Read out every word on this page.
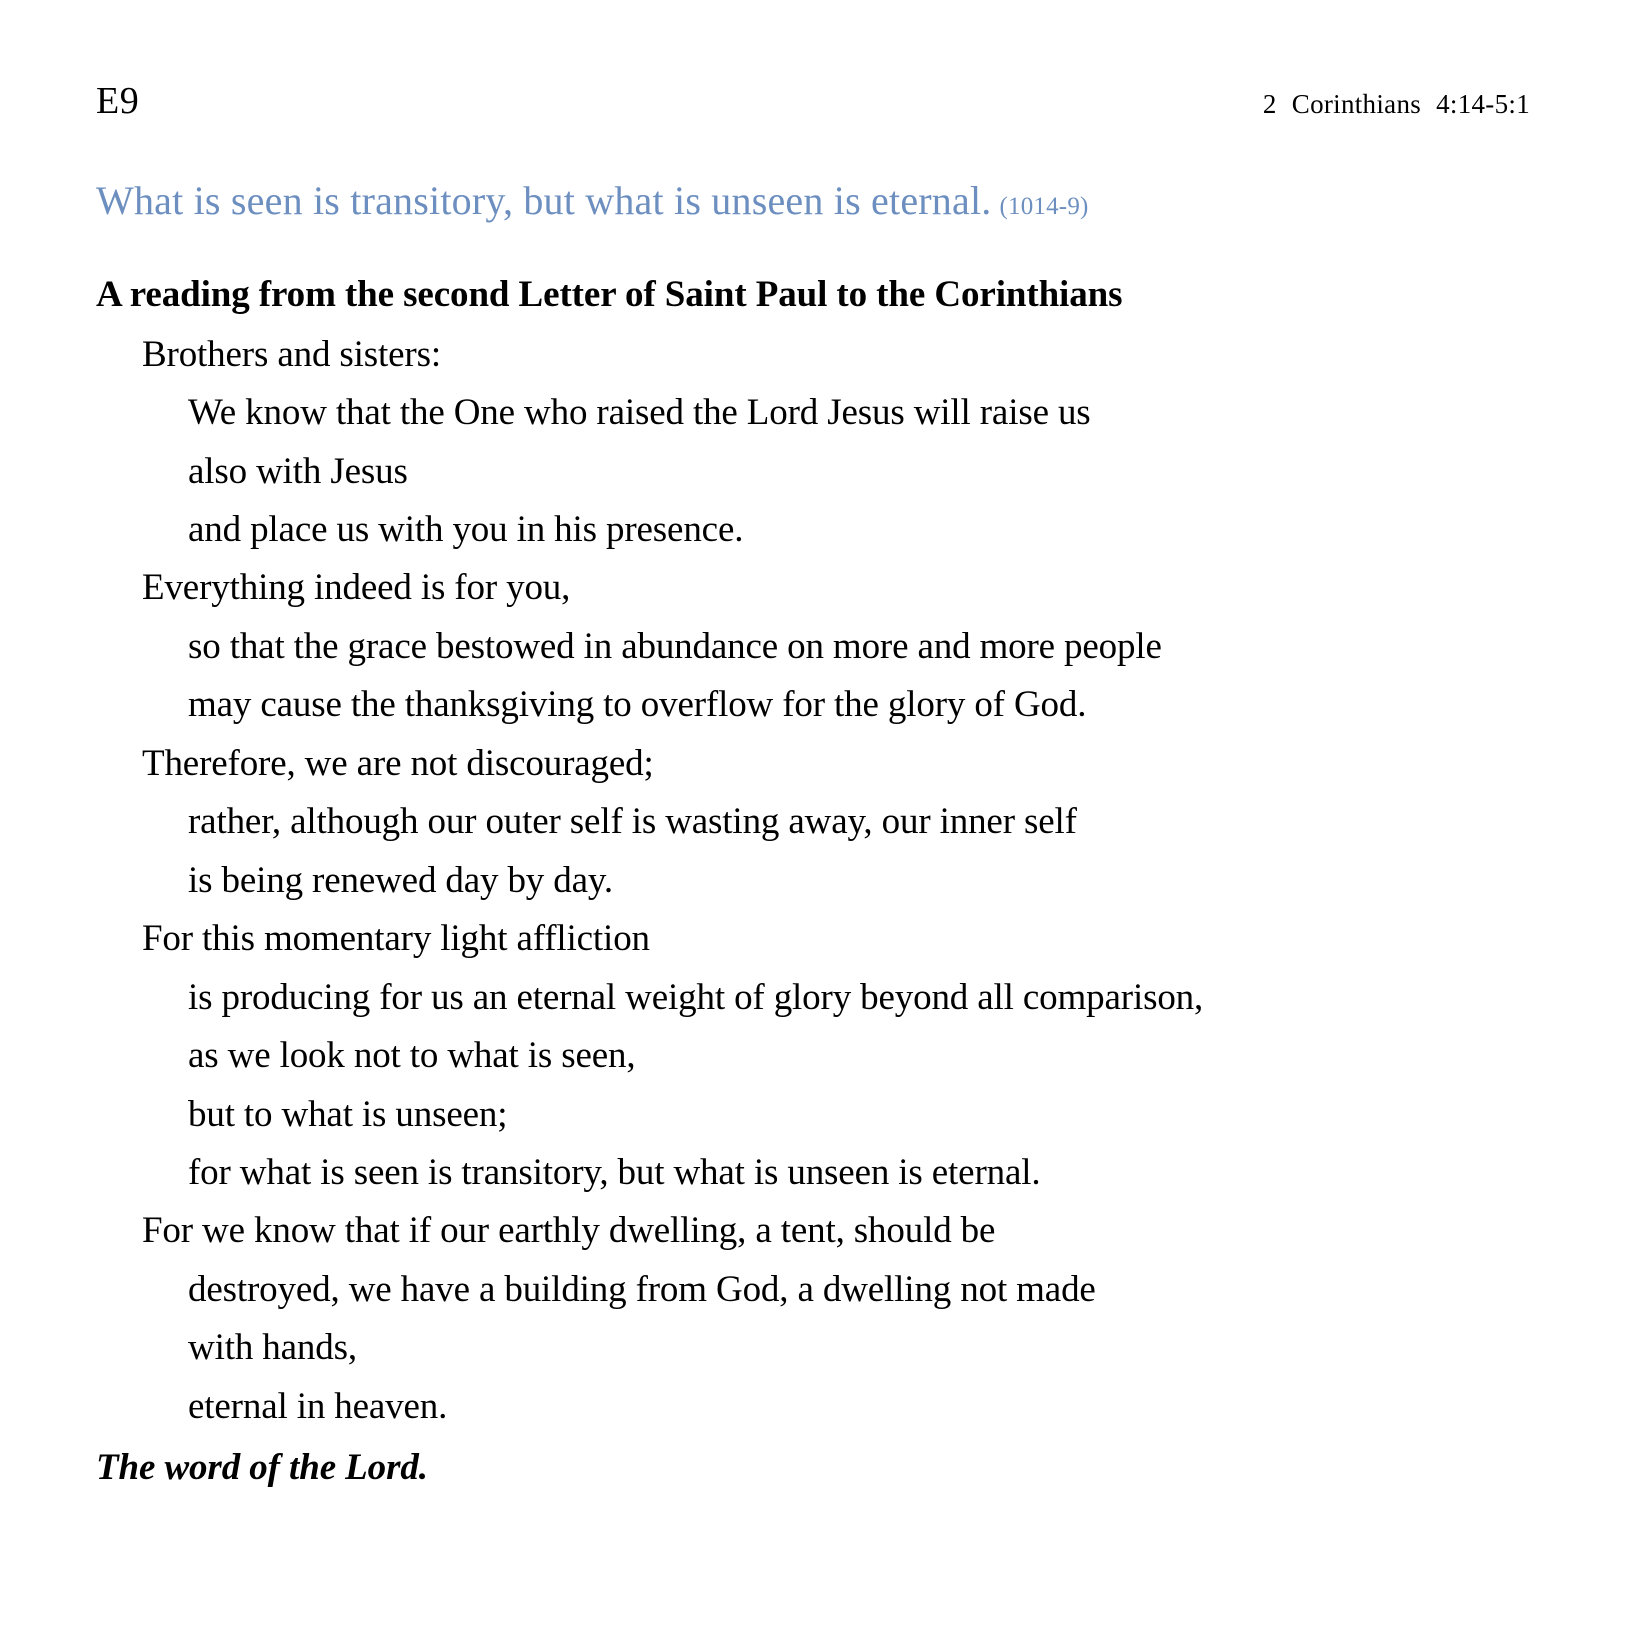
E9	2 Corinthians 4:14-5:1
What is seen is transitory, but what is unseen is eternal. (1014-9)

A reading from the second Letter of Saint Paul to the Corinthians

Brothers and sisters:

We know that the One who raised the Lord Jesus will raise us

also with Jesus

and place us with you in his presence.

Everything indeed is for you,

so that the grace bestowed in abundance on more and more people

may cause the thanksgiving to overflow for the glory of God.

Therefore, we are not discouraged;

rather, although our outer self is wasting away, our inner self

is being renewed day by day.

For this momentary light affliction

is producing for us an eternal weight of glory beyond all comparison,

as we look not to what is seen,

but to what is unseen;

for what is seen is transitory, but what is unseen is eternal.

For we know that if our earthly dwelling, a tent, should be

destroyed, we have a building from God, a dwelling not made

with hands,

eternal in heaven.

The word of the Lord.
